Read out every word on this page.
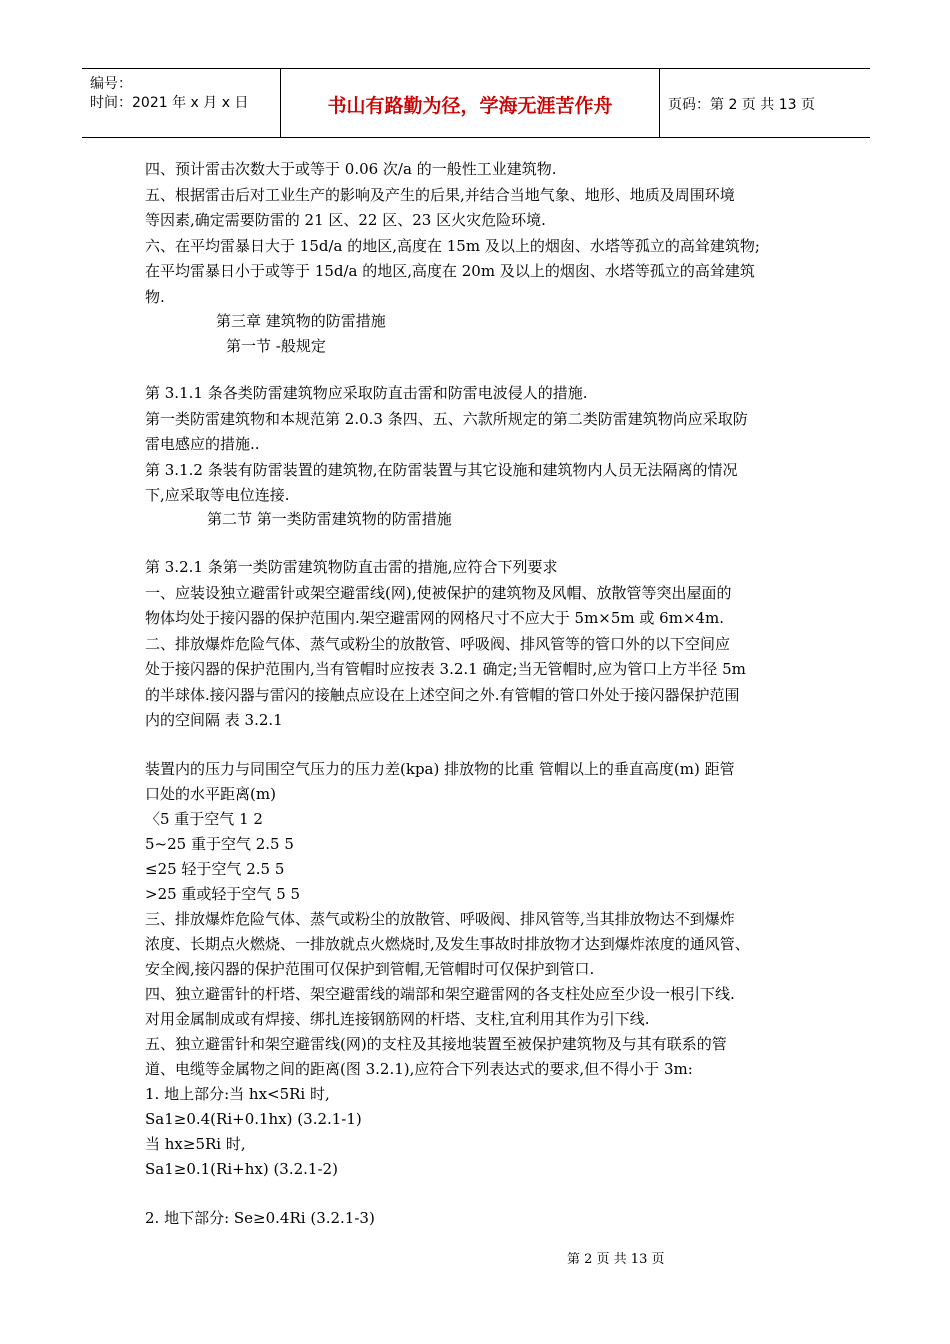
编号：
时间：2021 年 x 月 x 日	书山有路勤为径，学海无涯苦作舟	页码：第 2 页 共 13 页
四、预计雷击次数大于或等于 0.06 次/a 的一般性工业建筑物.
五、根据雷击后对工业生产的影响及产生的后果,并结合当地气象、地形、地质及周围环境
等因素,确定需要防雷的 21 区、22 区、23 区火灾危险环境.
六、在平均雷暴日大于 15d/a 的地区,高度在 15m 及以上的烟囱、水塔等孤立的高耸建筑物;
在平均雷暴日小于或等于 15d/a 的地区,高度在 20m 及以上的烟囱、水塔等孤立的高耸建筑
物.
第三章 建筑物的防雷措施
第一节 -般规定
第 3.1.1 条各类防雷建筑物应采取防直击雷和防雷电波侵人的措施.
第一类防雷建筑物和本规范第 2.0.3 条四、五、六款所规定的第二类防雷建筑物尚应采取防
雷电感应的措施..
第 3.1.2 条装有防雷装置的建筑物,在防雷装置与其它设施和建筑物内人员无法隔离的情况
下,应采取等电位连接.
第二节 第一类防雷建筑物的防雷措施
第 3.2.1 条第一类防雷建筑物防直击雷的措施,应符合下列要求
一、应装设独立避雷针或架空避雷线(网),使被保护的建筑物及风帽、放散管等突出屋面的
物体均处于接闪器的保护范围内.架空避雷网的网格尺寸不应大于 5m×5m 或 6m×4m.
二、排放爆炸危险气体、蒸气或粉尘的放散管、呼吸阀、排风管等的管口外的以下空间应
处于接闪器的保护范围内,当有管帽时应按表 3.2.1 确定;当无管帽时,应为管口上方半径 5m
的半球体.接闪器与雷闪的接触点应设在上述空间之外.有管帽的管口外处于接闪器保护范围
内的空间隔 表 3.2.1
装置内的压力与同围空气压力的压力差(kpa) 排放物的比重 管帽以上的垂直高度(m) 距管
口处的水平距离(m)
〈5 重于空气 1 2
5~25 重于空气 2.5 5
≤25 轻于空气 2.5 5
>25 重或轻于空气 5 5
三、排放爆炸危险气体、蒸气或粉尘的放散管、呼吸阀、排风管等,当其排放物达不到爆炸
浓度、长期点火燃烧、一排放就点火燃烧时,及发生事故时排放物才达到爆炸浓度的通风管、
安全阀,接闪器的保护范围可仅保护到管帽,无管帽时可仅保护到管口.
四、独立避雷针的杆塔、架空避雷线的端部和架空避雷网的各支柱处应至少设一根引下线.
对用金属制成或有焊接、绑扎连接钢筋网的杆塔、支柱,宜利用其作为引下线.
五、独立避雷针和架空避雷线(网)的支柱及其接地装置至被保护建筑物及与其有联系的管
道、电缆等金属物之间的距离(图 3.2.1),应符合下列表达式的要求,但不得小于 3m:
1. 地上部分:当 hx<5Ri 时,
Sa1≥0.4(Ri+0.1hx) (3.2.1-1)
当 hx≥5Ri 时,
Sa1≥0.1(Ri+hx) (3.2.1-2)
2. 地下部分: Se≥0.4Ri (3.2.1-3)
第 2 页 共 13 页
